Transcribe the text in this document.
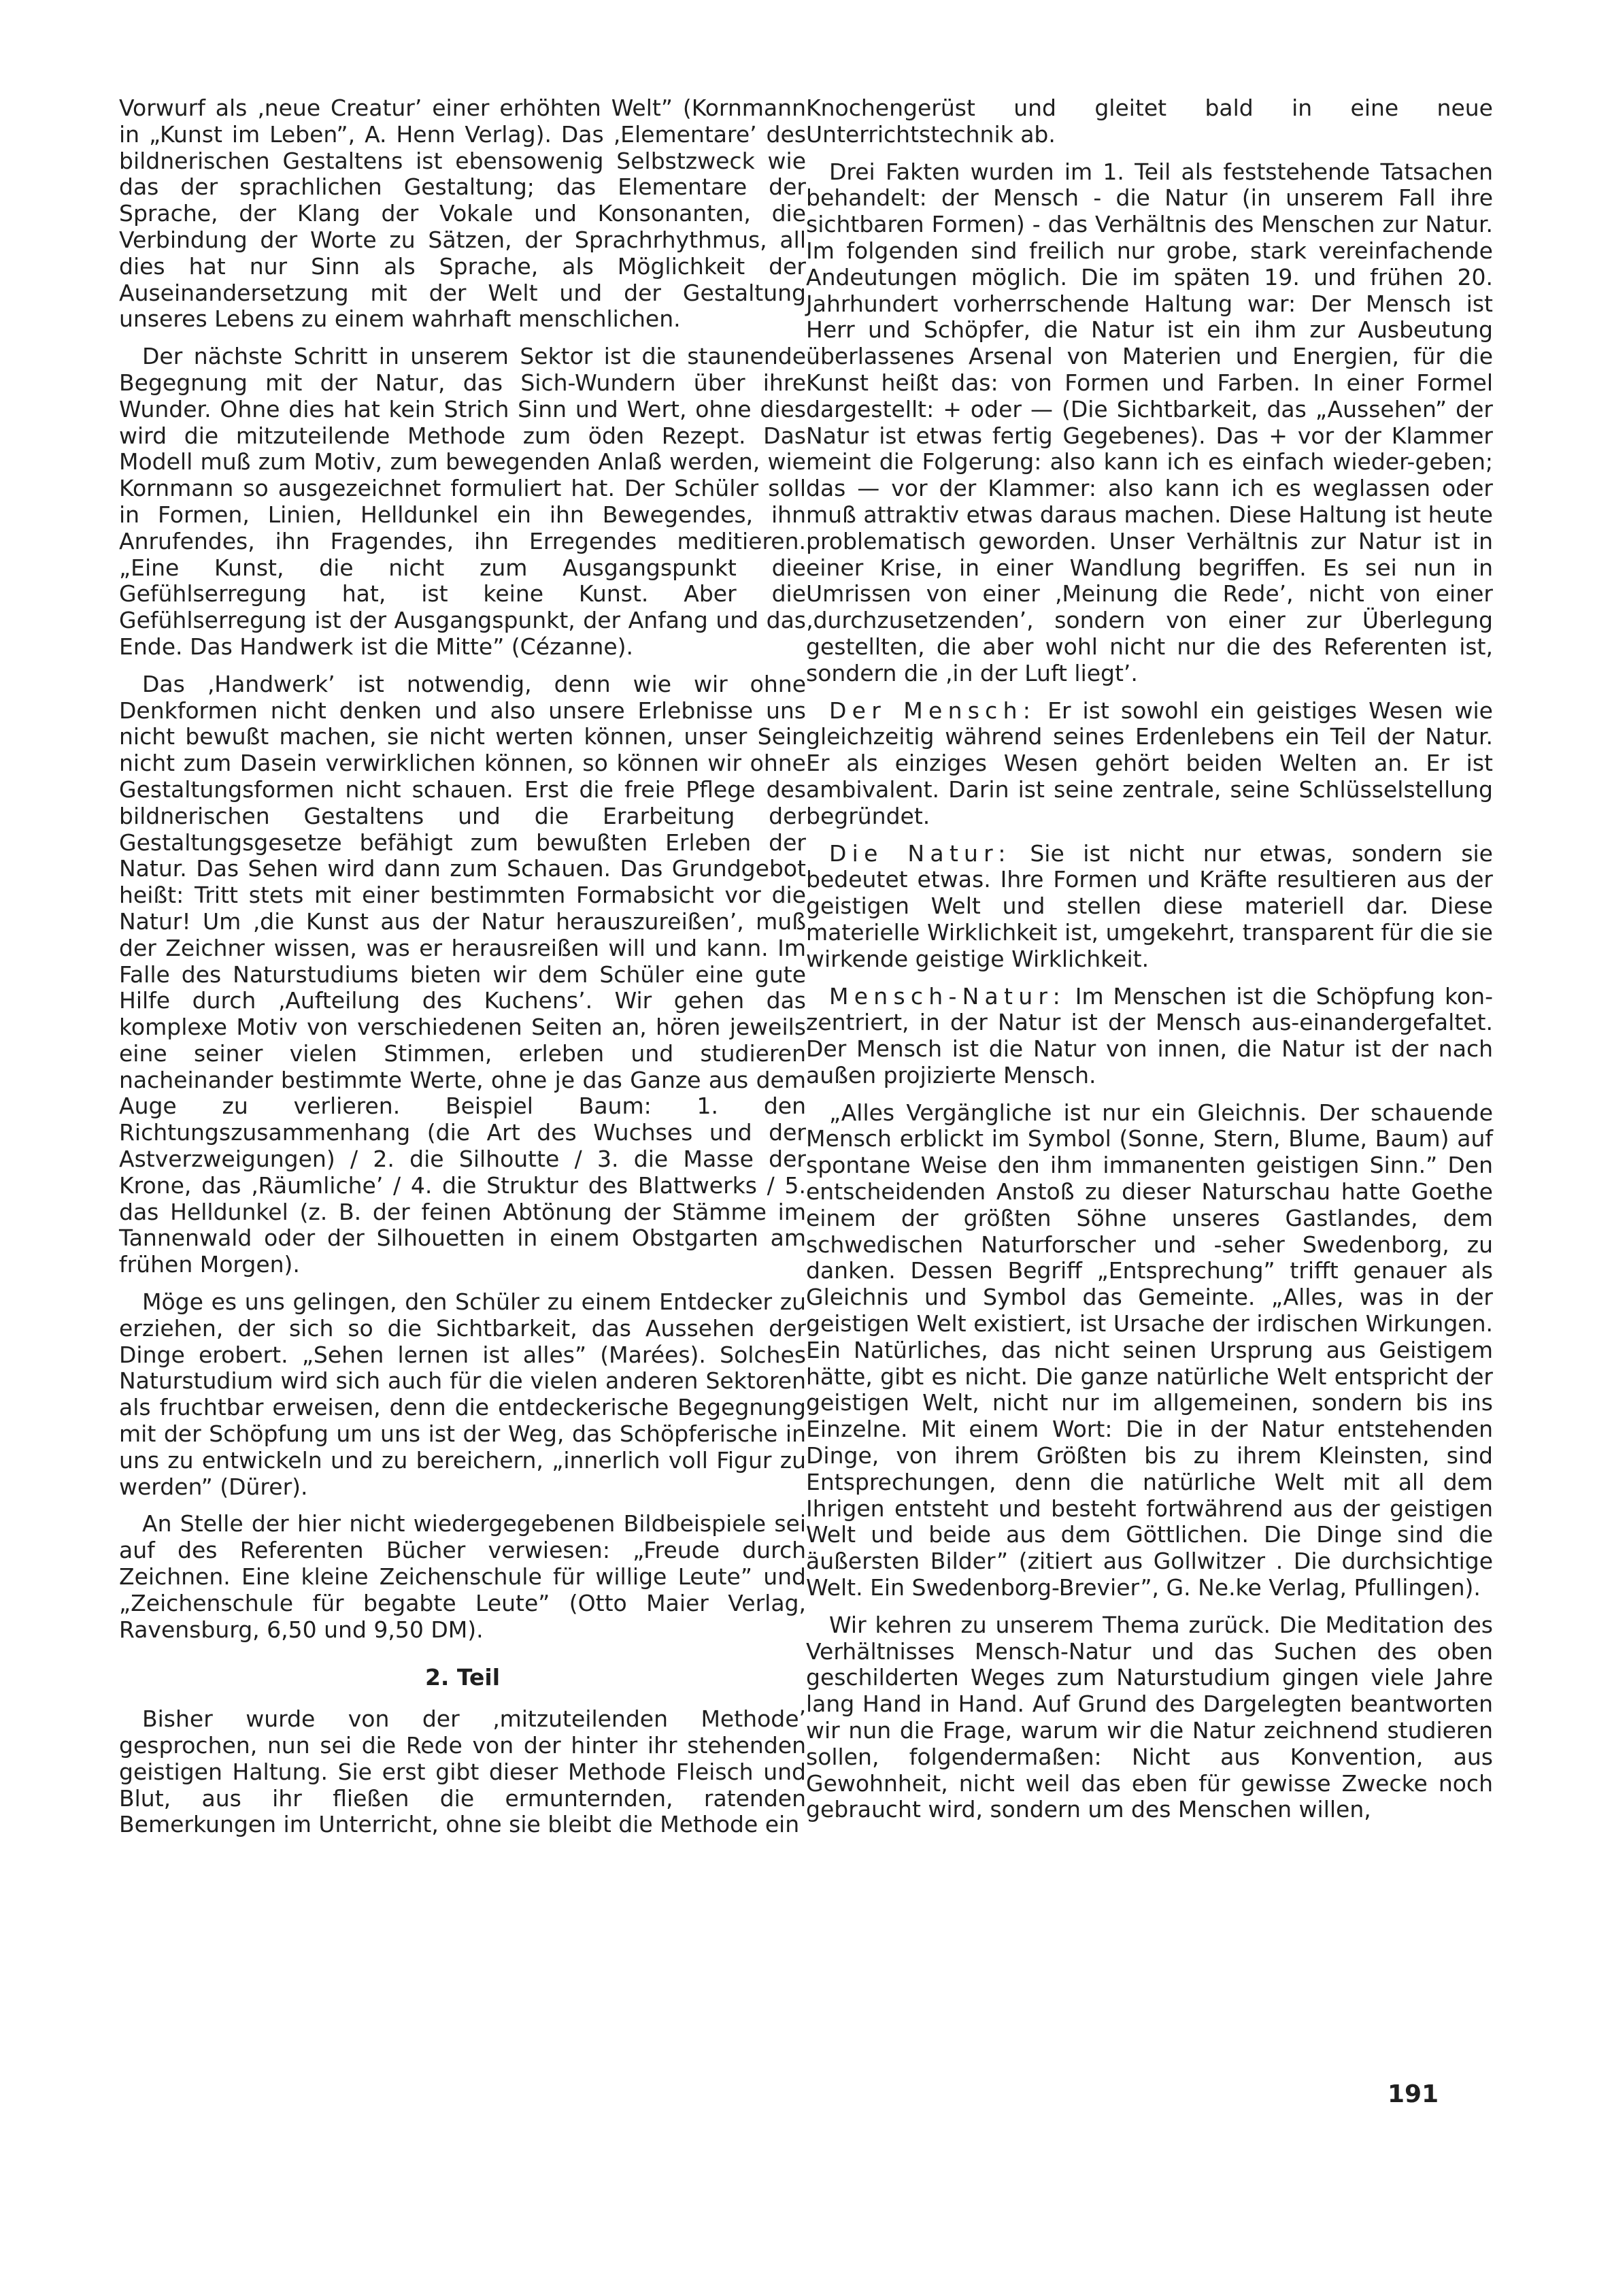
Vorwurf als ‚neue Creatur’ einer erhöhten Welt” (Kornmann in „Kunst im Leben”, A. Henn Verlag). Das ‚Elementare’ des bildnerischen Gestaltens ist ebensowenig Selbstzweck wie das der sprachlichen Gestaltung; das Elementare der Sprache, der Klang der Vokale und Konsonanten, die Verbindung der Worte zu Sätzen, der Sprachrhythmus, all dies hat nur Sinn als Sprache, als Möglichkeit der Auseinandersetzung mit der Welt und der Gestaltung unseres Lebens zu einem wahrhaft menschlichen.

Der nächste Schritt in unserem Sektor ist die staunende Begegnung mit der Natur, das Sich-Wundern über ihre Wunder. Ohne dies hat kein Strich Sinn und Wert, ohne dies wird die mitzuteilende Methode zum öden Rezept. Das Modell muß zum Motiv, zum bewegenden Anlaß werden, wie Kornmann so ausgezeichnet formuliert hat. Der Schüler soll in Formen, Linien, Helldunkel ein ihn Bewegendes, ihn Anrufendes, ihn Fragendes, ihn Erregendes meditieren. „Eine Kunst, die nicht zum Ausgangspunkt die Gefühlserregung hat, ist keine Kunst. Aber die Gefühlserregung ist der Ausgangspunkt, der Anfang und das Ende. Das Handwerk ist die Mitte” (Cézanne).

Das ‚Handwerk’ ist notwendig, denn wie wir ohne Denkformen nicht denken und also unsere Erlebnisse uns nicht bewußt machen, sie nicht werten können, unser Sein nicht zum Dasein verwirklichen können, so können wir ohne Gestaltungsformen nicht schauen. Erst die freie Pflege des bildnerischen Gestaltens und die Erarbeitung der Gestaltungsgesetze befähigt zum bewußten Erleben der Natur. Das Sehen wird dann zum Schauen. Das Grundgebot heißt: Tritt stets mit einer bestimmten Formabsicht vor die Natur! Um ‚die Kunst aus der Natur herauszureißen’, muß der Zeichner wissen, was er herausreißen will und kann. Im Falle des Naturstudiums bieten wir dem Schüler eine gute Hilfe durch ‚Aufteilung des Kuchens’. Wir gehen das komplexe Motiv von verschiedenen Seiten an, hören jeweils eine seiner vielen Stimmen, erleben und studieren nacheinander bestimmte Werte, ohne je das Ganze aus dem Auge zu verlieren. Beispiel Baum: 1. den Richtungszusammenhang (die Art des Wuchses und der Astverzweigungen) / 2. die Silhoutte / 3. die Masse der Krone, das ‚Räumliche’ / 4. die Struktur des Blattwerks / 5. das Helldunkel (z. B. der feinen Abtönung der Stämme im Tannenwald oder der Silhouetten in einem Obstgarten am frühen Morgen).

Möge es uns gelingen, den Schüler zu einem Entdecker zu erziehen, der sich so die Sichtbarkeit, das Aussehen der Dinge erobert. „Sehen lernen ist alles” (Marées). Solches Naturstudium wird sich auch für die vielen anderen Sektoren als fruchtbar erweisen, denn die entdeckerische Begegnung mit der Schöpfung um uns ist der Weg, das Schöpferische in uns zu entwickeln und zu bereichern, „innerlich voll Figur zu werden” (Dürer).

An Stelle der hier nicht wiedergegebenen Bildbeispiele sei auf des Referenten Bücher verwiesen: „Freude durch Zeichnen. Eine kleine Zeichenschule für willige Leute” und „Zeichenschule für begabte Leute” (Otto Maier Verlag, Ravensburg, 6,50 und 9,50 DM).

2. Teil

Bisher wurde von der ‚mitzuteilenden Methode’ gesprochen, nun sei die Rede von der hinter ihr stehenden geistigen Haltung. Sie erst gibt dieser Methode Fleisch und Blut, aus ihr fließen die ermunternden, ratenden Bemerkungen im Unterricht, ohne sie bleibt die Methode ein

Knochengerüst und gleitet bald in eine neue Unterrichtstechnik ab.

Drei Fakten wurden im 1. Teil als feststehende Tatsachen behandelt: der Mensch - die Natur (in unserem Fall ihre sichtbaren Formen) - das Verhältnis des Menschen zur Natur. Im folgenden sind freilich nur grobe, stark vereinfachende Andeutungen möglich. Die im späten 19. und frühen 20. Jahrhundert vorherrschende Haltung war: Der Mensch ist Herr und Schöpfer, die Natur ist ein ihm zur Ausbeutung überlassenes Arsenal von Materien und Energien, für die Kunst heißt das: von Formen und Farben. In einer Formel dargestellt: + oder — (Die Sichtbarkeit, das „Aussehen” der Natur ist etwas fertig Gegebenes). Das + vor der Klammer meint die Folgerung: also kann ich es einfach wieder-geben; das — vor der Klammer: also kann ich es weglassen oder muß attraktiv etwas daraus machen. Diese Haltung ist heute problematisch geworden. Unser Verhältnis zur Natur ist in einer Krise, in einer Wandlung begriffen. Es sei nun in Umrissen von einer ‚Meinung die Rede’, nicht von einer ‚durchzusetzenden’, sondern von einer zur Überlegung gestellten, die aber wohl nicht nur die des Referenten ist, sondern die ‚in der Luft liegt’.

Der Mensch: Er ist sowohl ein geistiges Wesen wie gleichzeitig während seines Erdenlebens ein Teil der Natur. Er als einziges Wesen gehört beiden Welten an. Er ist ambivalent. Darin ist seine zentrale, seine Schlüsselstellung begründet.

Die Natur: Sie ist nicht nur etwas, sondern sie bedeutet etwas. Ihre Formen und Kräfte resultieren aus der geistigen Welt und stellen diese materiell dar. Diese materielle Wirklichkeit ist, umgekehrt, transparent für die sie wirkende geistige Wirklichkeit.

Mensch-Natur: Im Menschen ist die Schöpfung kon-zentriert, in der Natur ist der Mensch aus-einandergefaltet. Der Mensch ist die Natur von innen, die Natur ist der nach außen projizierte Mensch.

„Alles Vergängliche ist nur ein Gleichnis. Der schauende Mensch erblickt im Symbol (Sonne, Stern, Blume, Baum) auf spontane Weise den ihm immanenten geistigen Sinn.” Den entscheidenden Anstoß zu dieser Naturschau hatte Goethe einem der größten Söhne unseres Gastlandes, dem schwedischen Naturforscher und -seher Swedenborg, zu danken. Dessen Begriff „Entsprechung” trifft genauer als Gleichnis und Symbol das Gemeinte. „Alles, was in der geistigen Welt existiert, ist Ursache der irdischen Wirkungen. Ein Natürliches, das nicht seinen Ursprung aus Geistigem hätte, gibt es nicht. Die ganze natürliche Welt entspricht der geistigen Welt, nicht nur im allgemeinen, sondern bis ins Einzelne. Mit einem Wort: Die in der Natur entstehenden Dinge, von ihrem Größten bis zu ihrem Kleinsten, sind Entsprechungen, denn die natürliche Welt mit all dem Ihrigen entsteht und besteht fortwährend aus der geistigen Welt und beide aus dem Göttlichen. Die Dinge sind die äußersten Bilder” (zitiert aus Gollwitzer . Die durchsichtige Welt. Ein Swedenborg-Brevier”, G. Ne.ke Verlag, Pfullingen).

Wir kehren zu unserem Thema zurück. Die Meditation des Verhältnisses Mensch-Natur und das Suchen des oben geschilderten Weges zum Naturstudium gingen viele Jahre lang Hand in Hand. Auf Grund des Dargelegten beantworten wir nun die Frage, warum wir die Natur zeichnend studieren sollen, folgendermaßen: Nicht aus Konvention, aus Gewohnheit, nicht weil das eben für gewisse Zwecke noch gebraucht wird, sondern um des Menschen willen,

191
